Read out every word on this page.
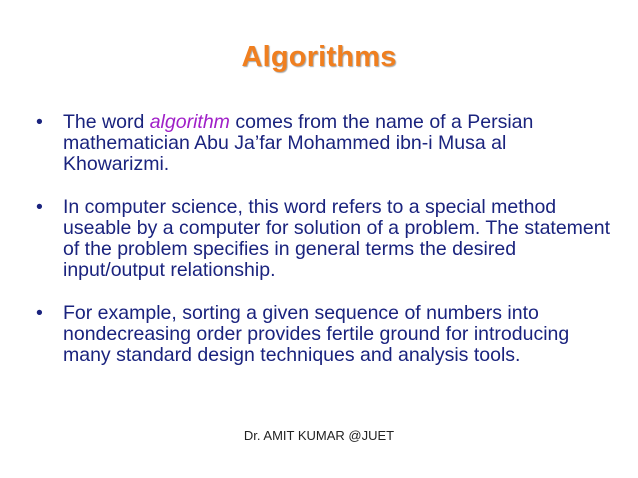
Algorithms
• The word algorithm comes from the name of a Persian mathematician Abu Ja’far Mohammed ibn-i Musa al Khowarizmi.
• In computer science, this word refers to a special method useable by a computer for solution of a problem. The statement of the problem specifies in general terms the desired input/output relationship.
• For example, sorting a given sequence of numbers into nondecreasing order provides fertile ground for introducing many standard design techniques and analysis tools.
Dr. AMIT KUMAR @JUET
